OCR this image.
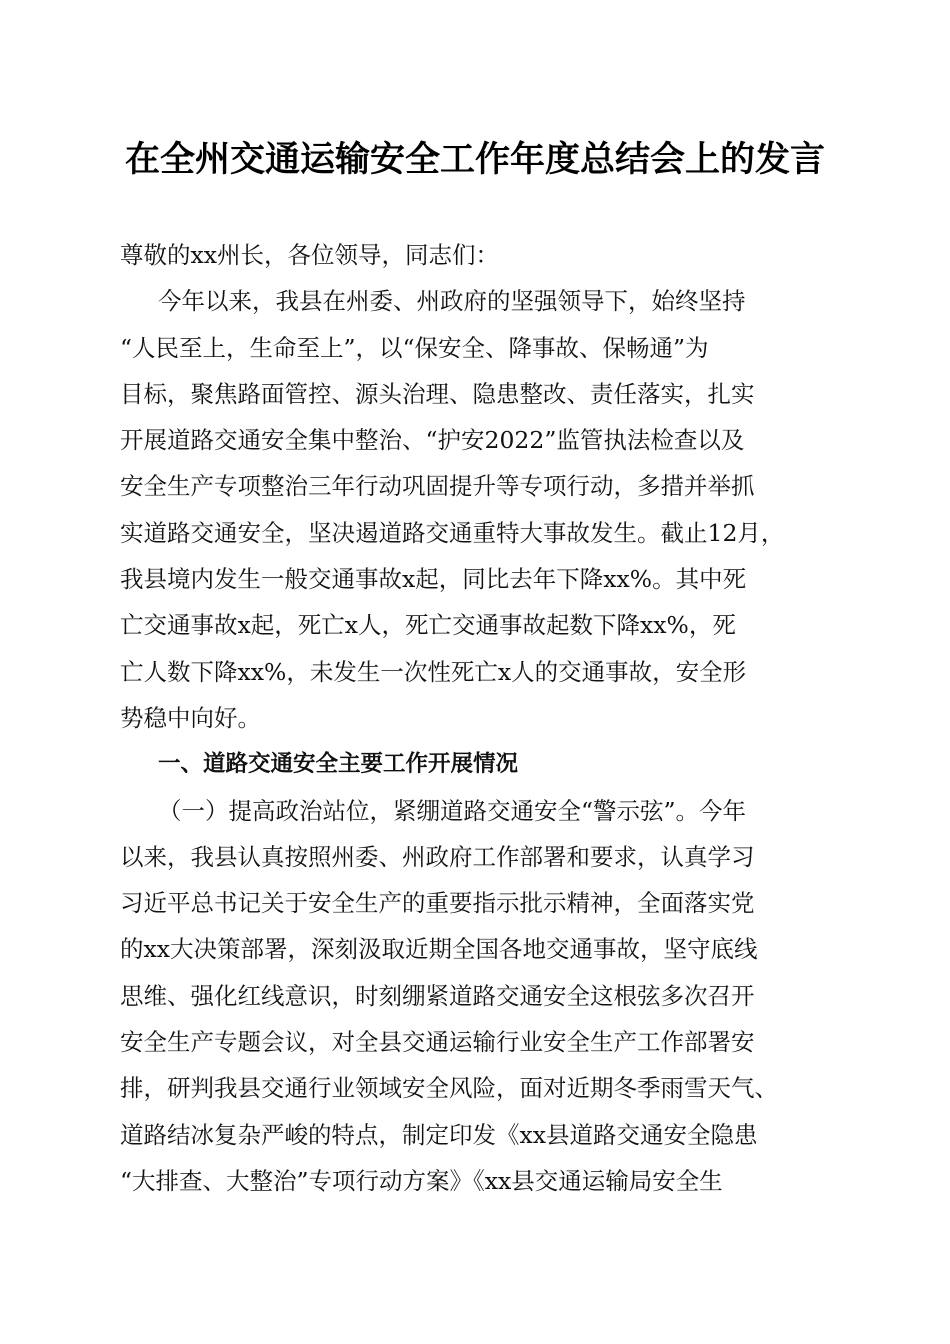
在全州交通运输安全工作年度总结会上的发言
尊敬的xx州长，各位领导，同志们：
今年以来，我县在州委、州政府的坚强领导下，始终坚持
“人民至上，生命至上”，以“保安全、降事故、保畅通”为
目标，聚焦路面管控、源头治理、隐患整改、责任落实，扎实
开展道路交通安全集中整治、“护安2022”监管执法检查以及
安全生产专项整治三年行动巩固提升等专项行动，多措并举抓
实道路交通安全，坚决遏道路交通重特大事故发生。截止12月，
我县境内发生一般交通事故x起，同比去年下降xx%。其中死
亡交通事故x起，死亡x人，死亡交通事故起数下降xx%，死
亡人数下降xx%，未发生一次性死亡x人的交通事故，安全形
势稳中向好。
一、道路交通安全主要工作开展情况
（一）提高政治站位，紧绷道路交通安全“警示弦”。今年
以来，我县认真按照州委、州政府工作部署和要求，认真学习
习近平总书记关于安全生产的重要指示批示精神，全面落实党
的xx大决策部署，深刻汲取近期全国各地交通事故，坚守底线
思维、强化红线意识，时刻绷紧道路交通安全这根弦多次召开
安全生产专题会议，对全县交通运输行业安全生产工作部署安
排，研判我县交通行业领域安全风险，面对近期冬季雨雪天气、
道路结冰复杂严峻的特点，制定印发《xx县道路交通安全隐患
“大排查、大整治”专项行动方案》《xx县交通运输局安全生
